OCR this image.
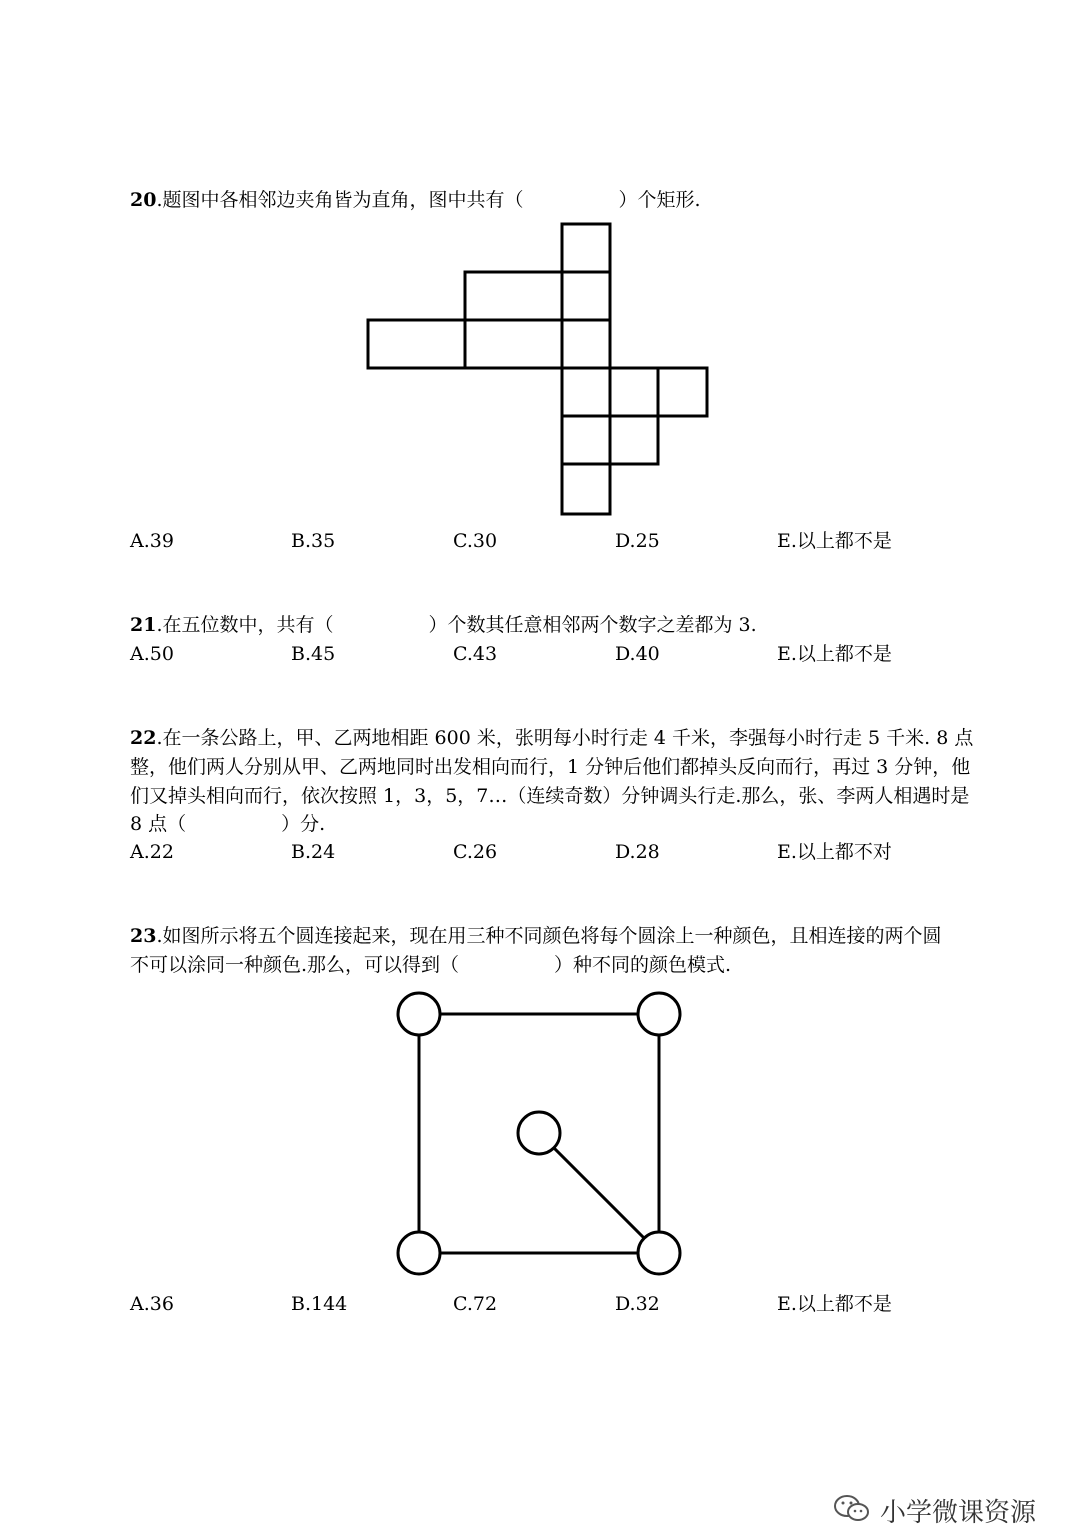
20.题图中各相邻边夹角皆为直角，图中共有（　　　　　）个矩形.
A.39	B.35	C.30	D.25	E.以上都不是
21.在五位数中，共有（　　　　　）个数其任意相邻两个数字之差都为 3.
A.50	B.45	C.43	D.40	E.以上都不是
22.在一条公路上，甲、乙两地相距 600 米，张明每小时行走 4 千米，李强每小时行走 5 千米. 8 点
整，他们两人分别从甲、乙两地同时出发相向而行，1 分钟后他们都掉头反向而行，再过 3 分钟，他
们又掉头相向而行，依次按照 1，3，5，7…（连续奇数）分钟调头行走.那么，张、李两人相遇时是
8 点（　　　　　）分.
A.22	B.24	C.26	D.28	E.以上都不对
23.如图所示将五个圆连接起来，现在用三种不同颜色将每个圆涂上一种颜色，且相连接的两个圆
不可以涂同一种颜色.那么，可以得到（　　　　　）种不同的颜色模式.
A.36	B.144	C.72	D.32	E.以上都不是
小学微课资源
